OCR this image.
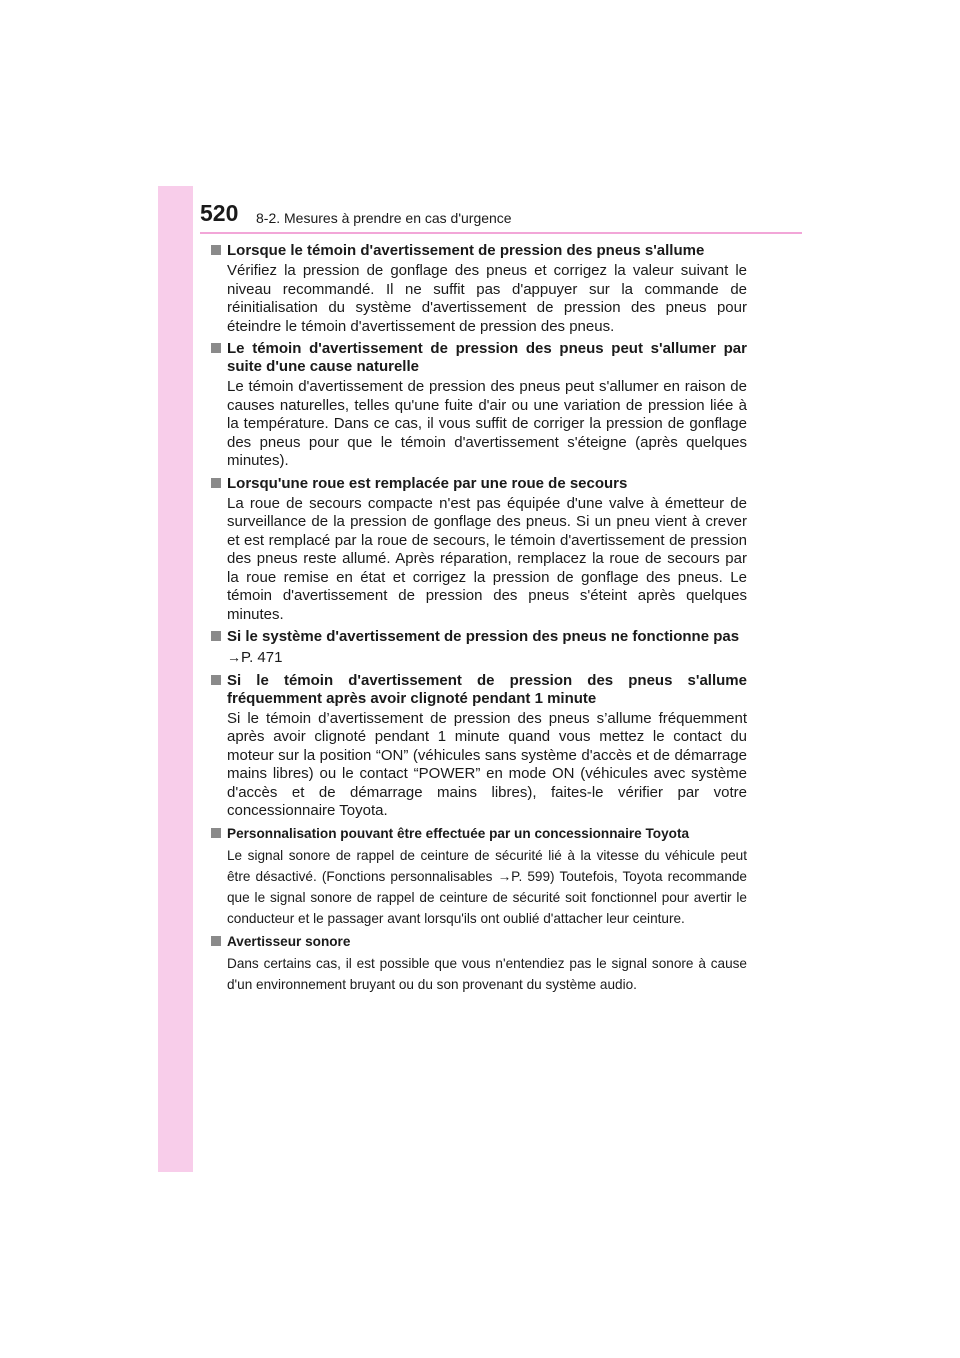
520 8-2. Mesures à prendre en cas d'urgence
Lorsque le témoin d'avertissement de pression des pneus s'allume
Vérifiez la pression de gonflage des pneus et corrigez la valeur suivant le niveau recommandé. Il ne suffit pas d'appuyer sur la commande de réinitialisation du système d'avertissement de pression des pneus pour éteindre le témoin d'avertissement de pression des pneus.
Le témoin d'avertissement de pression des pneus peut s'allumer par suite d'une cause naturelle
Le témoin d'avertissement de pression des pneus peut s'allumer en raison de causes naturelles, telles qu'une fuite d'air ou une variation de pression liée à la température. Dans ce cas, il vous suffit de corriger la pression de gonflage des pneus pour que le témoin d'avertissement s'éteigne (après quelques minutes).
Lorsqu'une roue est remplacée par une roue de secours
La roue de secours compacte n'est pas équipée d'une valve à émetteur de surveillance de la pression de gonflage des pneus. Si un pneu vient à crever et est remplacé par la roue de secours, le témoin d'avertissement de pression des pneus reste allumé. Après réparation, remplacez la roue de secours par la roue remise en état et corrigez la pression de gonflage des pneus. Le témoin d'avertissement de pression des pneus s'éteint après quelques minutes.
Si le système d'avertissement de pression des pneus ne fonctionne pas
→P. 471
Si le témoin d'avertissement de pression des pneus s'allume fréquemment après avoir clignoté pendant 1 minute
Si le témoin d’avertissement de pression des pneus s’allume fréquemment après avoir clignoté pendant 1 minute quand vous mettez le contact du moteur sur la position “ON” (véhicules sans système d'accès et de démarrage mains libres) ou le contact “POWER” en mode ON (véhicules avec système d'accès et de démarrage mains libres), faites-le vérifier par votre concessionnaire Toyota.
Personnalisation pouvant être effectuée par un concessionnaire Toyota
Le signal sonore de rappel de ceinture de sécurité lié à la vitesse du véhicule peut être désactivé. (Fonctions personnalisables →P. 599) Toutefois, Toyota recommande que le signal sonore de rappel de ceinture de sécurité soit fonctionnel pour avertir le conducteur et le passager avant lorsqu'ils ont oublié d'attacher leur ceinture.
Avertisseur sonore
Dans certains cas, il est possible que vous n'entendiez pas le signal sonore à cause d'un environnement bruyant ou du son provenant du système audio.
